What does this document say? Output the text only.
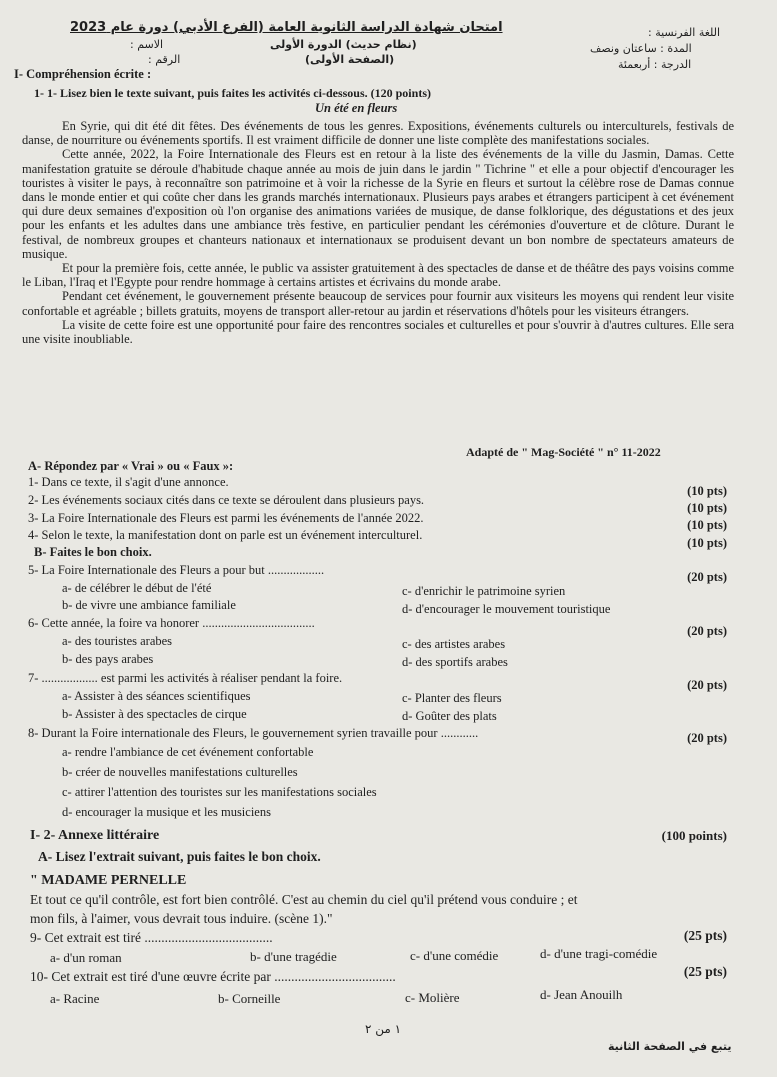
امتحان شهادة الدراسة الثانوية العامة (الفرع الأدبي) دورة عام 2023
(نظام حديث) الدورة الأولى
(الصفحة الأولى)
الاسم :
الرقم :
اللغة الفرنسية :
المدة : ساعتان ونصف
الدرجة : أربعمئة
I- Compréhension écrite :
1- 1- Lisez bien le texte suivant, puis faites les activités ci-dessous. (120 points)
Un été en fleurs

En Syrie, qui dit été dit fêtes. Des événements de tous les genres. Expositions, événements culturels ou interculturels, festivals de danse, de nourriture ou événements sportifs. Il est vraiment difficile de donner une liste complète des manifestations sociales.

Cette année, 2022, la Foire Internationale des Fleurs est en retour à la liste des événements de la ville du Jasmin, Damas. Cette manifestation gratuite se déroule d'habitude chaque année au mois de juin dans le jardin " Tichrine " et elle a pour objectif d'encourager les touristes à visiter le pays, à reconnaître son patrimoine et à voir la richesse de la Syrie en fleurs et surtout la célèbre rose de Damas connue dans le monde entier et qui coûte cher dans les grands marchés internationaux. Plusieurs pays arabes et étrangers participent à cet événement qui dure deux semaines d'exposition où l'on organise des animations variées de musique, de danse folklorique, des dégustations et des jeux pour les enfants et les adultes dans une ambiance très festive, en particulier pendant les cérémonies d'ouverture et de clôture. Durant le festival, de nombreux groupes et chanteurs nationaux et internationaux se produisent devant un bon nombre de spectateurs amateurs de musique.

Et pour la première fois, cette année, le public va assister gratuitement à des spectacles de danse et de théâtre des pays voisins comme le Liban, l'Iraq et l'Egypte pour rendre hommage à certains artistes et écrivains du monde arabe.

Pendant cet événement, le gouvernement présente beaucoup de services pour fournir aux visiteurs les moyens qui rendent leur visite confortable et agréable ; billets gratuits, moyens de transport aller-retour au jardin et réservations d'hôtels pour les visiteurs étrangers.

La visite de cette foire est une opportunité pour faire des rencontres sociales et culturelles et pour s'ouvrir à d'autres cultures. Elle sera une visite inoubliable.

Adapté de " Mag-Société " n° 11-2022
A- Répondez par « Vrai » ou « Faux »:
1- Dans ce texte, il s'agit d'une annonce.
(10 pts)
2- Les événements sociaux cités dans ce texte se déroulent dans plusieurs pays.
(10 pts)
3- La Foire Internationale des Fleurs est parmi les événements de l'année 2022.	(10 pts)
4- Selon le texte, la manifestation dont on parle est un événement interculturel.
(10 pts)
B- Faites le bon choix.
5- La Foire Internationale des Fleurs a pour but ..................	(20 pts)
a- de célébrer le début de l'été	c- d'enrichir le patrimoine syrien
b- de vivre une ambiance familiale	d- d'encourager le mouvement touristique
6- Cette année, la foire va honorer ....................................
(20 pts)
a- des touristes arabes	c- des artistes arabes
b- des pays arabes	d- des sportifs arabes
7- .................. est parmi les activités à réaliser pendant la foire.	(20 pts)
a- Assister à des séances scientifiques	c- Planter des fleurs
b- Assister à des spectacles de cirque	d- Goûter des plats
8- Durant la Foire internationale des Fleurs, le gouvernement syrien travaille pour ............	(20 pts)
a- rendre l'ambiance de cet événement confortable
b- créer de nouvelles manifestations culturelles
c- attirer l'attention des touristes sur les manifestations sociales
d- encourager la musique et les musiciens
I- 2- Annexe littéraire	(100 points)
A- Lisez l'extrait suivant, puis faites le bon choix.
" MADAME PERNELLE
Et tout ce qu'il contrôle, est fort bien contrôlé. C'est au chemin du ciel qu'il prétend vous conduire ; et
mon fils, à l'aimer, vous devrait tous induire. (scène 1)."
9- Cet extrait est tiré ......................................	(25 pts)
a- d'un roman	b- d'une tragédie	c- d'une comédie	d- d'une tragi-comédie
10- Cet extrait est tiré d'une œuvre écrite par ....................................	(25 pts)
a- Racine	b- Corneille	c- Molière	d- Jean Anouilh
١ من ٢
يتبع في الصفحة الثانية
